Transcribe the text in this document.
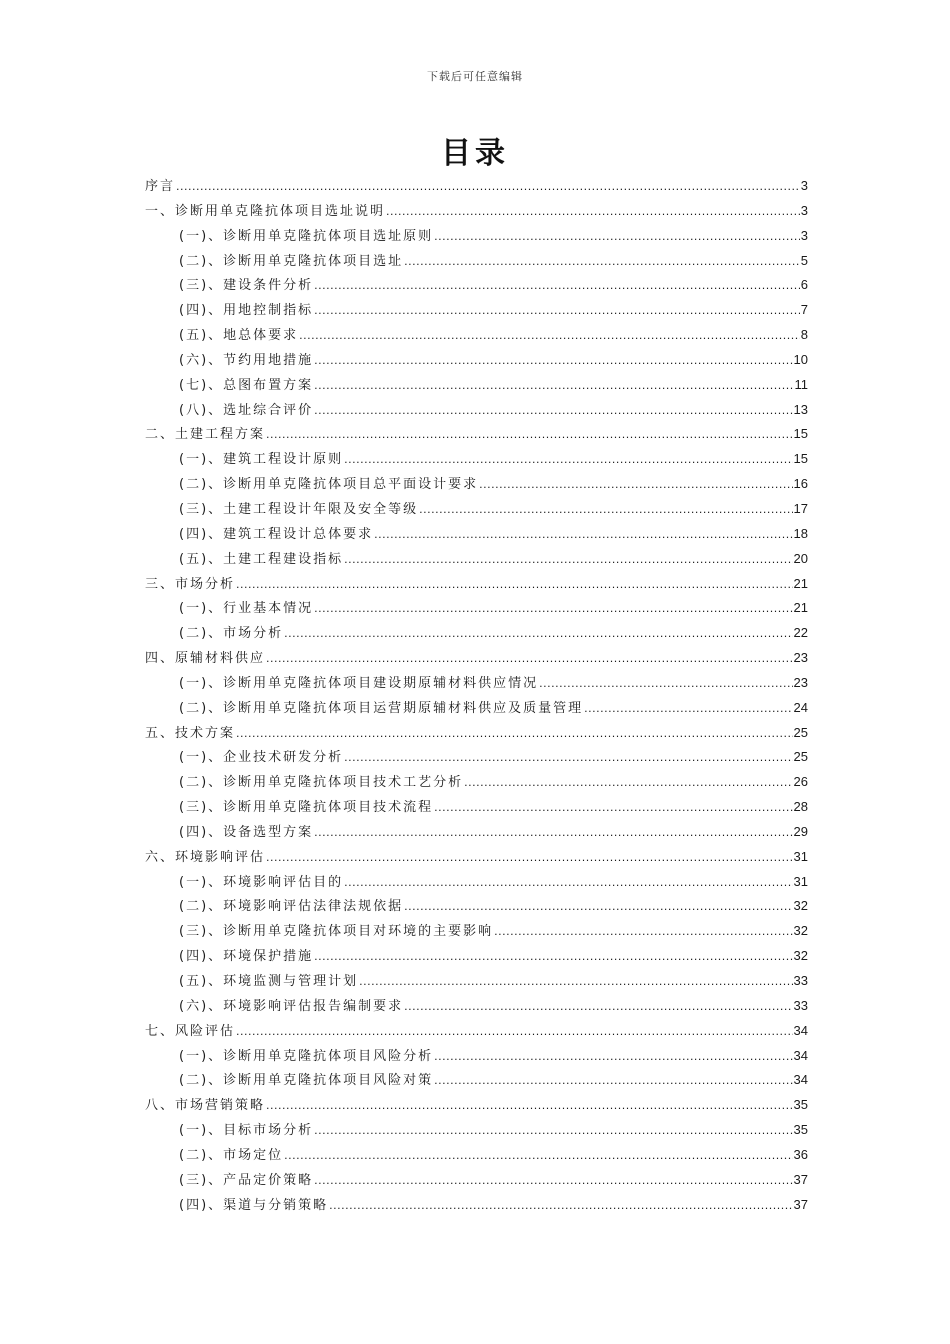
下载后可任意编辑
目录
序言 .....	3
一、诊断用单克隆抗体项目选址说明 .....	3
(一)、诊断用单克隆抗体项目选址原则 .....	3
(二)、诊断用单克隆抗体项目选址 .....	5
(三)、建设条件分析 .....	6
(四)、用地控制指标 .....	7
(五)、地总体要求 .....	8
(六)、节约用地措施 .....	10
(七)、总图布置方案 .....	11
(八)、选址综合评价 .....	13
二、土建工程方案 .....	15
(一)、建筑工程设计原则 .....	15
(二)、诊断用单克隆抗体项目总平面设计要求 .....	16
(三)、土建工程设计年限及安全等级 .....	17
(四)、建筑工程设计总体要求 .....	18
(五)、土建工程建设指标 .....	20
三、市场分析 .....	21
(一)、行业基本情况 .....	21
(二)、市场分析 .....	22
四、原辅材料供应 .....	23
(一)、诊断用单克隆抗体项目建设期原辅材料供应情况 .....	23
(二)、诊断用单克隆抗体项目运营期原辅材料供应及质量管理 .....	24
五、技术方案 .....	25
(一)、企业技术研发分析 .....	25
(二)、诊断用单克隆抗体项目技术工艺分析 .....	26
(三)、诊断用单克隆抗体项目技术流程 .....	28
(四)、设备选型方案 .....	29
六、环境影响评估 .....	31
(一)、环境影响评估目的 .....	31
(二)、环境影响评估法律法规依据 .....	32
(三)、诊断用单克隆抗体项目对环境的主要影响 .....	32
(四)、环境保护措施 .....	32
(五)、环境监测与管理计划 .....	33
(六)、环境影响评估报告编制要求 .....	33
七、风险评估 .....	34
(一)、诊断用单克隆抗体项目风险分析 .....	34
(二)、诊断用单克隆抗体项目风险对策 .....	34
八、市场营销策略 .....	35
(一)、目标市场分析 .....	35
(二)、市场定位 .....	36
(三)、产品定价策略 .....	37
(四)、渠道与分销策略 .....	37
